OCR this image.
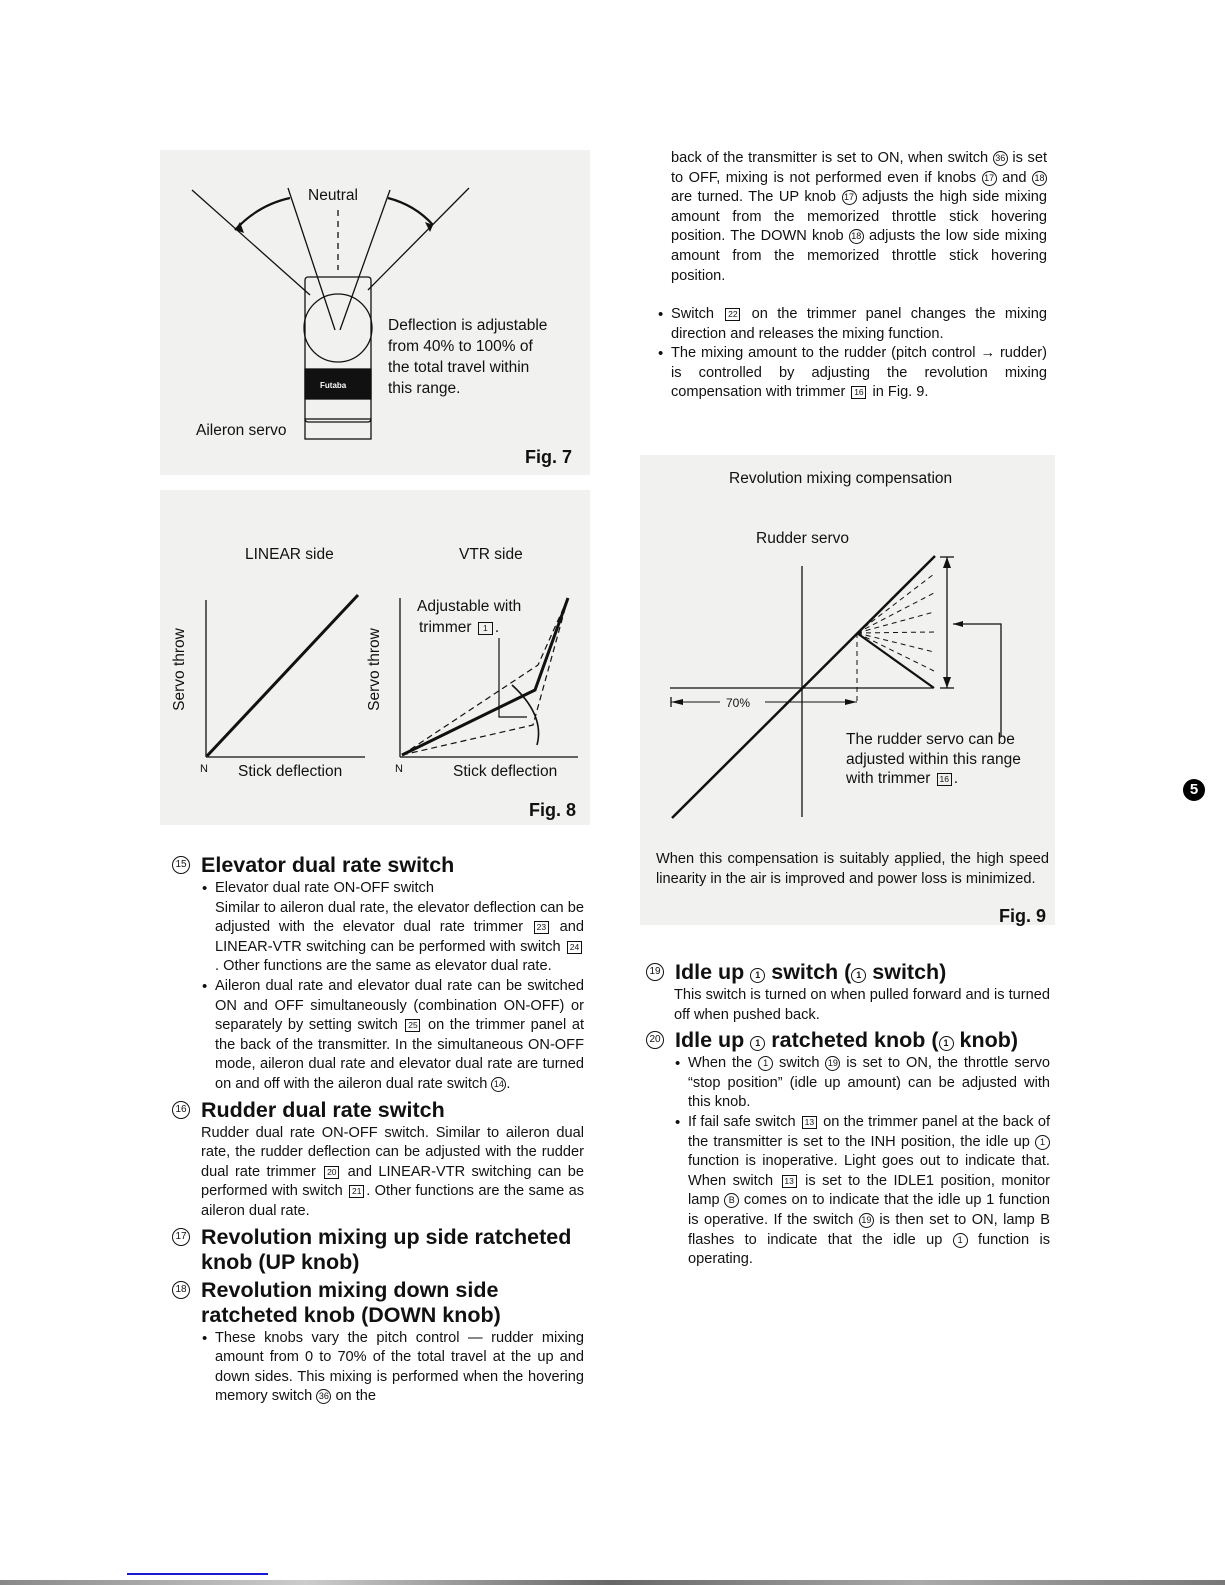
Neutral
Futaba
Aileron servo
Deflection is adjustable
from 40% to 100% of
the total travel within
this range.
Fig. 7
LINEAR side	VTR side
Servo throw	Servo throw
N	N
Stick deflection	Stick deflection
Adjustable with
trimmer 1 .
Fig. 8
15 Elevator dual rate switch

• Elevator dual rate ON-OFF switch

Similar to aileron dual rate, the elevator deflection can be adjusted with the elevator dual rate trimmer 23 and LINEAR-VTR switching can be performed with switch 24. Other functions are the same as elevator dual rate.

• Aileron dual rate and elevator dual rate can be switched ON and OFF simultaneously (combination ON-OFF) or separately by setting switch 25 on the trimmer panel at the back of the transmitter. In the simultaneous ON-OFF mode, aileron dual rate and elevator dual rate are turned on and off with the aileron dual rate switch 14 .

16 Rudder dual rate switch

Rudder dual rate ON-OFF switch. Similar to aileron dual rate, the rudder deflection can be adjusted with the rudder dual rate trimmer 20 and LINEAR-VTR switching can be performed with switch 21 . Other functions are the same as aileron dual rate.

17 Revolution mixing up side ratcheted knob (UP knob)
18 Revolution mixing down side ratcheted knob (DOWN knob)

• These knobs vary the pitch control — rudder mixing amount from 0 to 70% of the total travel at the up and down sides. This mixing is performed when the hovering memory switch 36 on the

back of the transmitter is set to ON, when switch 36 is set to OFF, mixing is not performed even if knobs 17 and 18 are turned. The UP knob 17 adjusts the high side mixing amount from the memorized throttle stick hovering position. The DOWN knob 18 adjusts the low side mixing amount from the memorized throttle stick hovering position.

• Switch 22 on the trimmer panel changes the mixing direction and releases the mixing function.

• The mixing amount to the rudder (pitch control → rudder) is controlled by adjusting the revolution mixing compensation with trimmer 16 in Fig. 9.

Revolution mixing compensation
Rudder servo
70%
The rudder servo can be
adjusted within this range
with trimmer 16 .
When this compensation is suitably applied, the high speed linearity in the air is improved and power loss is minimized.
Fig. 9
19 Idle up 1 switch ( 1 switch)

This switch is turned on when pulled forward and is turned off when pushed back.

20 Idle up 1 ratcheted knob ( 1 knob)

• When the 1 switch 19 is set to ON, the throttle servo “stop position” (idle up amount) can be adjusted with this knob.

• If fail safe switch 13 on the trimmer panel at the back of the transmitter is set to the INH position, the idle up 1function is inoperative. Light goes out to indicate that. When switch 13 is set to the IDLE1 position, monitor lamp B comes on to indicate that the idle up 1 function is operative. If the switch 19 is then set to ON, lamp B flashes to indicate that the idle up 1 function is operating.

5
